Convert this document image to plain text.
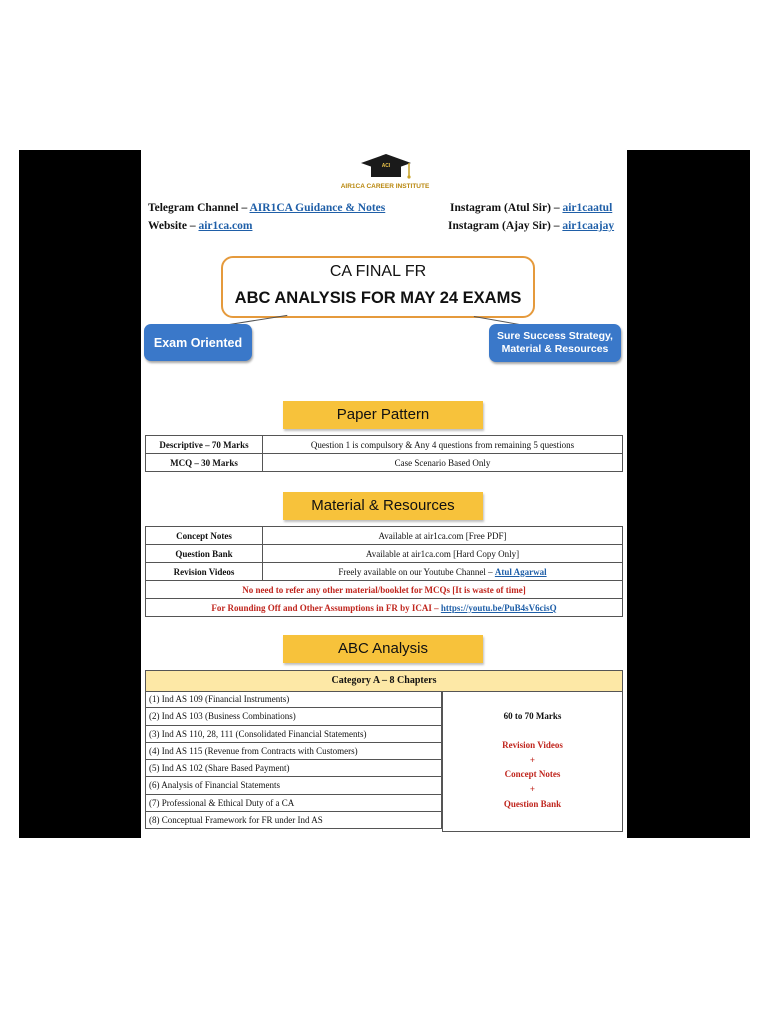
ACI
AIR1CA CAREER INSTITUTE
Telegram Channel – AIR1CA Guidance & Notes
Website – air1ca.com
Instagram (Atul Sir) – air1caatul
Instagram (Ajay Sir) – air1caajay
CA FINAL FR
ABC ANALYSIS FOR MAY 24 EXAMS
Exam Oriented	Sure Success Strategy,
Material & Resources
Paper Pattern
Descriptive – 70 Marks	Question 1 is compulsory & Any 4 questions from remaining 5 questions
MCQ – 30 Marks	Case Scenario Based Only
Material & Resources
Concept Notes	Available at air1ca.com [Free PDF]
Question Bank	Available at air1ca.com [Hard Copy Only]
Revision Videos	Freely available on our Youtube Channel – Atul Agarwal
No need to refer any other material/booklet for MCQs [It is waste of time]	
For Rounding Off and Other Assumptions in FR by ICAI – https://youtu.be/PuB4sV6cisQ	
ABC Analysis
Category A – 8 Chapters
(1) Ind AS 109 (Financial Instruments)
(2) Ind AS 103 (Business Combinations)
(3) Ind AS 110, 28, 111 (Consolidated Financial Statements)
(4) Ind AS 115 (Revenue from Contracts with Customers)
(5) Ind AS 102 (Share Based Payment)
(6) Analysis of Financial Statements
(7) Professional & Ethical Duty of a CA
(8) Conceptual Framework for FR under Ind AS
60 to 70 Marks
Revision Videos
+
Concept Notes
+
Question Bank
